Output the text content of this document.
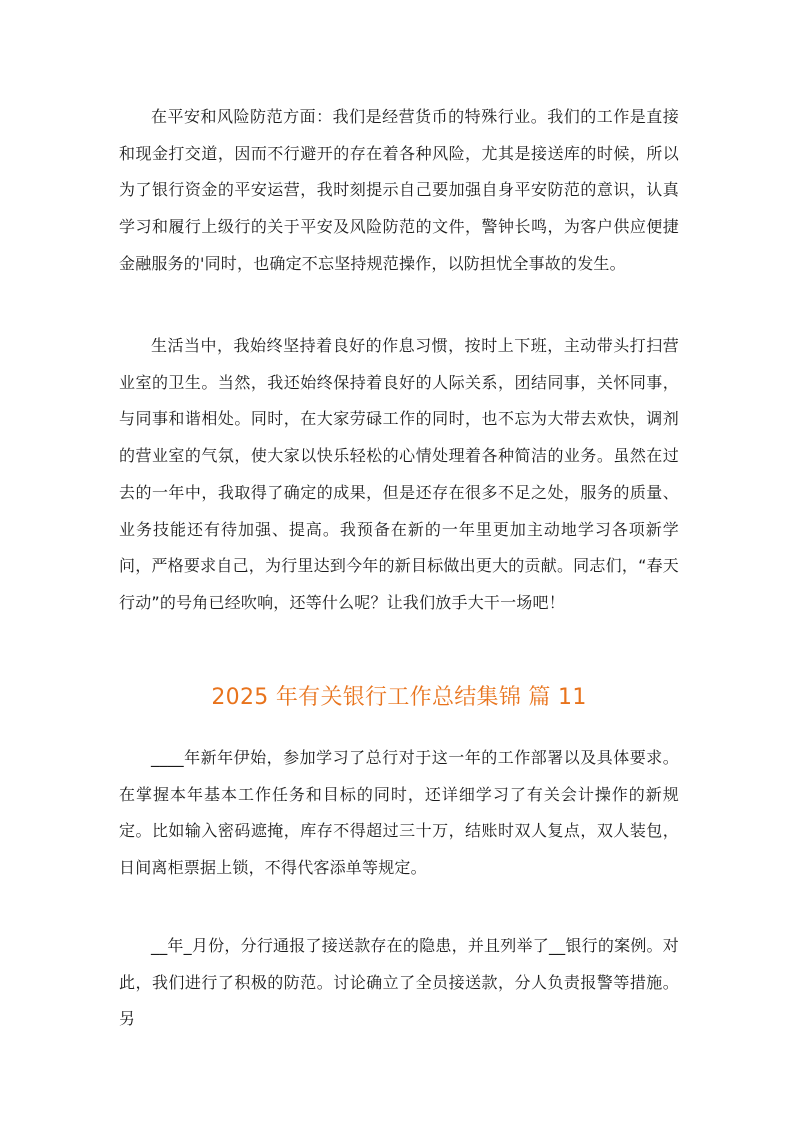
在平安和风险防范方面：我们是经营货币的特殊行业。我们的工作是直接和现金打交道，因而不行避开的存在着各种风险，尤其是接送库的时候，所以为了银行资金的平安运营，我时刻提示自己要加强自身平安防范的意识，认真学习和履行上级行的关于平安及风险防范的文件，警钟长鸣，为客户供应便捷金融服务的'同时，也确定不忘坚持规范操作，以防担忧全事故的发生。

生活当中，我始终坚持着良好的作息习惯，按时上下班，主动带头打扫营业室的卫生。当然，我还始终保持着良好的人际关系，团结同事，关怀同事，与同事和谐相处。同时，在大家劳碌工作的同时，也不忘为大带去欢快，调剂的营业室的气氛，使大家以快乐轻松的心情处理着各种简洁的业务。虽然在过去的一年中，我取得了确定的成果，但是还存在很多不足之处，服务的质量、业务技能还有待加强、提高。我预备在新的一年里更加主动地学习各项新学问，严格要求自己，为行里达到今年的新目标做出更大的贡献。同志们，“春天行动”的号角已经吹响，还等什么呢？让我们放手大干一场吧！

2025 年有关银行工作总结集锦 篇 11

____年新年伊始，参加学习了总行对于这一年的工作部署以及具体要求。在掌握本年基本工作任务和目标的同时，还详细学习了有关会计操作的新规定。比如输入密码遮掩，库存不得超过三十万，结账时双人复点，双人装包，日间离柜票据上锁，不得代客添单等规定。

__年_月份，分行通报了接送款存在的隐患，并且列举了__银行的案例。对此，我们进行了积极的防范。讨论确立了全员接送款，分人负责报警等措施。另
